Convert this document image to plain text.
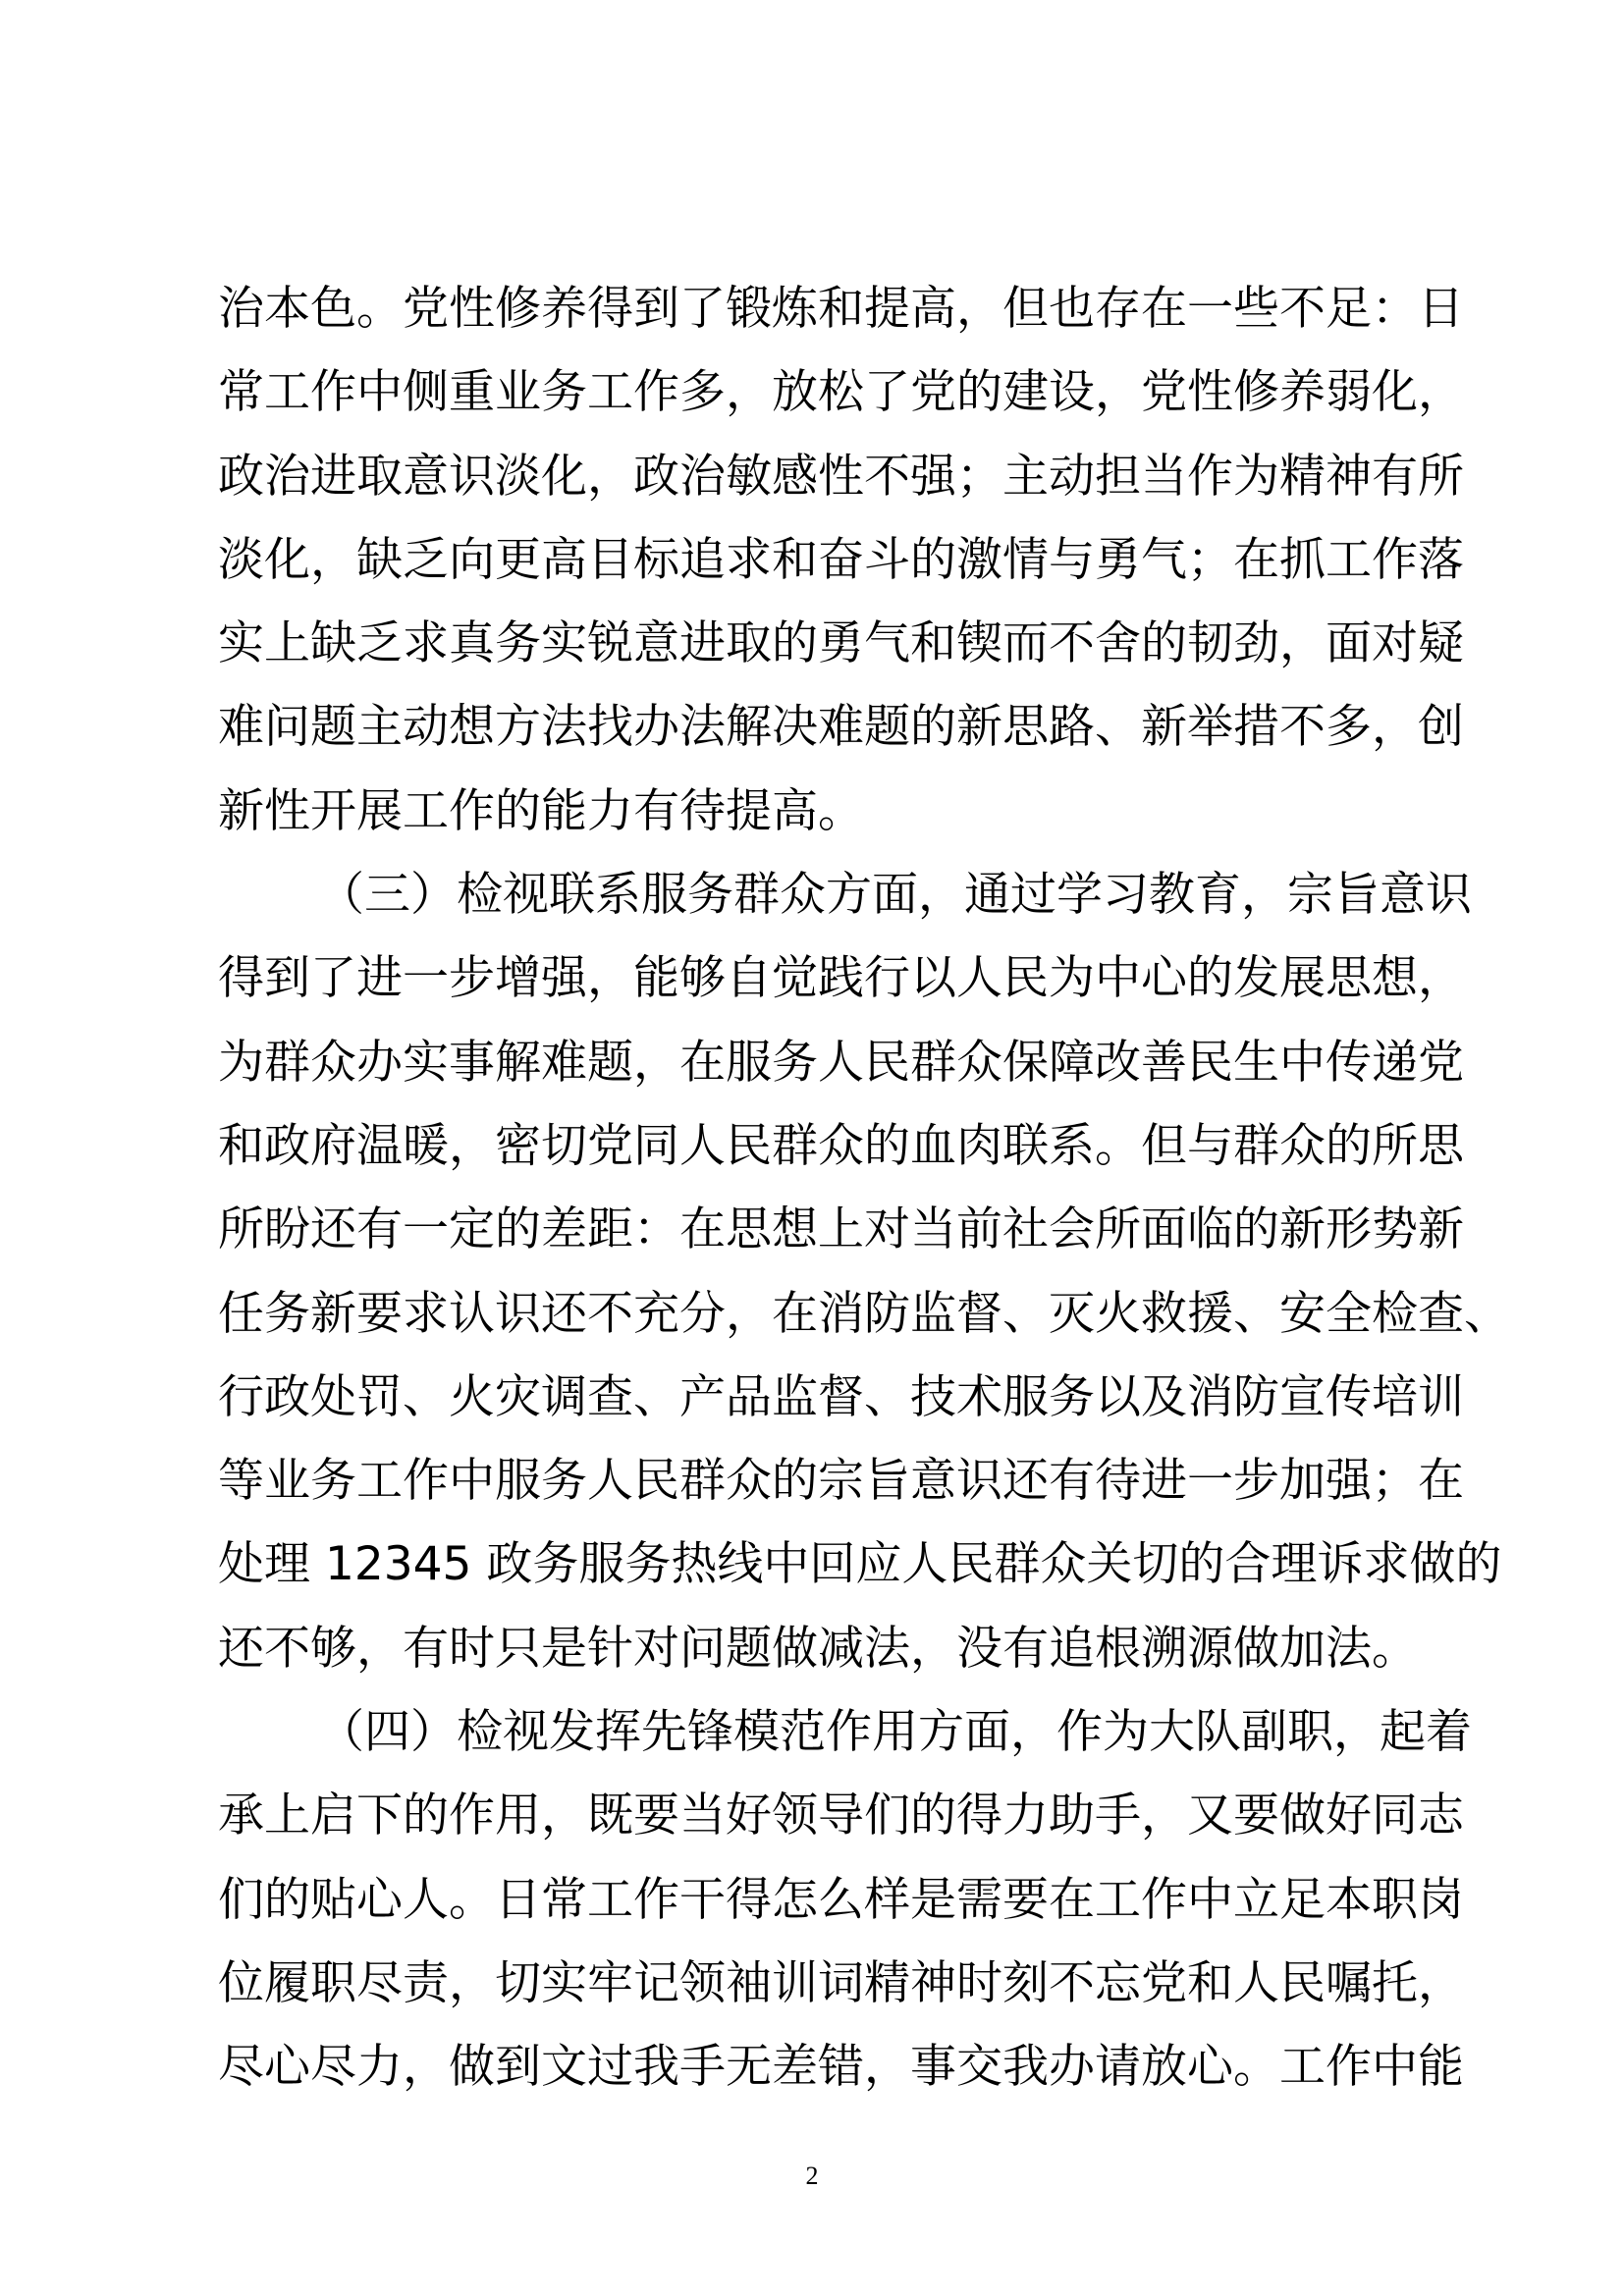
治本色。党性修养得到了锻炼和提高，但也存在一些不足：日
常工作中侧重业务工作多，放松了党的建设，党性修养弱化，
政治进取意识淡化，政治敏感性不强；主动担当作为精神有所
淡化，缺乏向更高目标追求和奋斗的激情与勇气；在抓工作落
实上缺乏求真务实锐意进取的勇气和锲而不舍的韧劲，面对疑
难问题主动想方法找办法解决难题的新思路、新举措不多，创
新性开展工作的能力有待提高。
（三）检视联系服务群众方面，通过学习教育，宗旨意识
得到了进一步增强，能够自觉践行以人民为中心的发展思想，
为群众办实事解难题，在服务人民群众保障改善民生中传递党
和政府温暖，密切党同人民群众的血肉联系。但与群众的所思
所盼还有一定的差距：在思想上对当前社会所面临的新形势新
任务新要求认识还不充分，在消防监督、灭火救援、安全检查、
行政处罚、火灾调查、产品监督、技术服务以及消防宣传培训
等业务工作中服务人民群众的宗旨意识还有待进一步加强；在
处理 12345 政务服务热线中回应人民群众关切的合理诉求做的
还不够，有时只是针对问题做减法，没有追根溯源做加法。
（四）检视发挥先锋模范作用方面，作为大队副职，起着
承上启下的作用，既要当好领导们的得力助手，又要做好同志
们的贴心人。日常工作干得怎么样是需要在工作中立足本职岗
位履职尽责，切实牢记领袖训词精神时刻不忘党和人民嘱托，
尽心尽力，做到文过我手无差错，事交我办请放心。工作中能
2
